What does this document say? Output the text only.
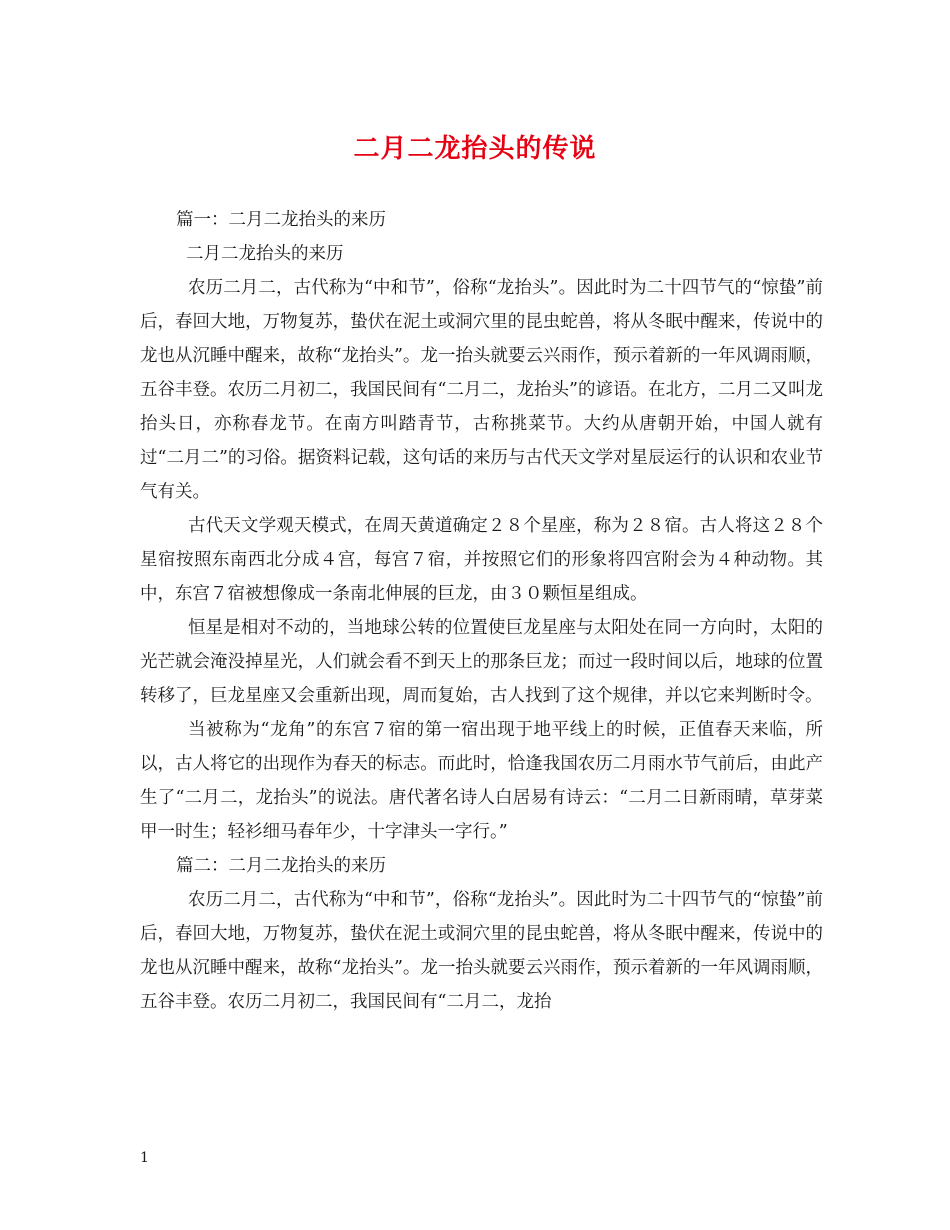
二月二龙抬头的传说
篇一：二月二龙抬头的来历
二月二龙抬头的来历

农历二月二，古代称为“中和节”，俗称“龙抬头”。因此时为二十四节气的“惊蛰”前后，春回大地，万物复苏，蛰伏在泥土或洞穴里的昆虫蛇兽，将从冬眠中醒来，传说中的龙也从沉睡中醒来，故称“龙抬头”。龙一抬头就要云兴雨作，预示着新的一年风调雨顺，五谷丰登。农历二月初二，我国民间有“二月二，龙抬头”的谚语。在北方，二月二又叫龙抬头日，亦称春龙节。在南方叫踏青节，古称挑菜节。大约从唐朝开始，中国人就有过“二月二”的习俗。据资料记载，这句话的来历与古代天文学对星辰运行的认识和农业节气有关。

古代天文学观天模式，在周天黄道确定２８个星座，称为２８宿。古人将这２８个星宿按照东南西北分成４宫，每宫７宿，并按照它们的形象将四宫附会为４种动物。其中，东宫７宿被想像成一条南北伸展的巨龙，由３０颗恒星组成。

恒星是相对不动的，当地球公转的位置使巨龙星座与太阳处在同一方向时，太阳的光芒就会淹没掉星光，人们就会看不到天上的那条巨龙；而过一段时间以后，地球的位置转移了，巨龙星座又会重新出现，周而复始，古人找到了这个规律，并以它来判断时令。

当被称为“龙角”的东宫７宿的第一宿出现于地平线上的时候，正值春天来临，所以，古人将它的出现作为春天的标志。而此时，恰逢我国农历二月雨水节气前后，由此产生了“二月二，龙抬头”的说法。唐代著名诗人白居易有诗云：“二月二日新雨晴，草芽菜甲一时生；轻衫细马春年少，十字津头一字行。”

篇二：二月二龙抬头的来历

农历二月二，古代称为“中和节”，俗称“龙抬头”。因此时为二十四节气的“惊蛰”前后，春回大地，万物复苏，蛰伏在泥土或洞穴里的昆虫蛇兽，将从冬眠中醒来，传说中的龙也从沉睡中醒来，故称“龙抬头”。龙一抬头就要云兴雨作，预示着新的一年风调雨顺，五谷丰登。农历二月初二，我国民间有“二月二，龙抬

1
